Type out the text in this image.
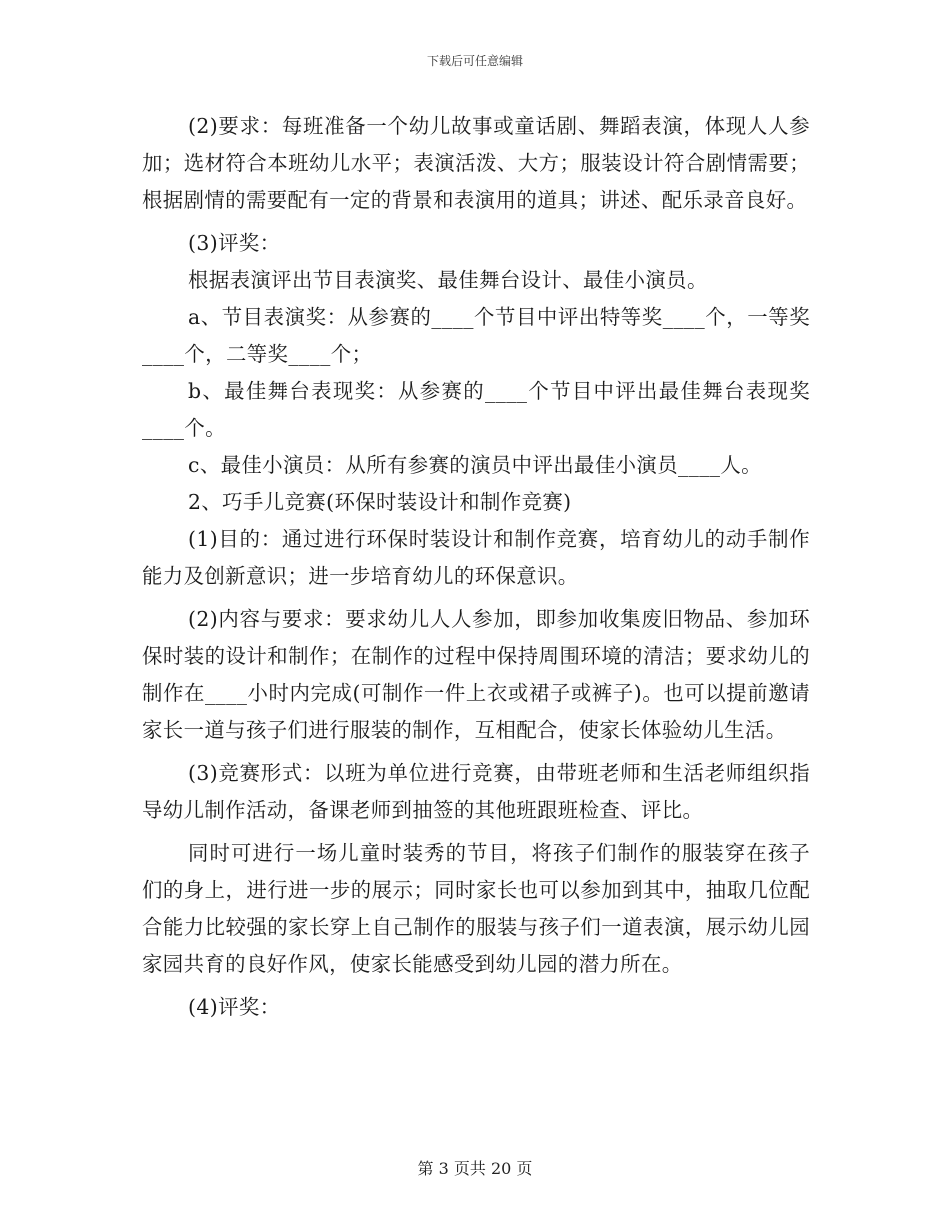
下载后可任意编辑

(2)要求：每班准备一个幼儿故事或童话剧、舞蹈表演，体现人人参加；选材符合本班幼儿水平；表演活泼、大方；服装设计符合剧情需要；根据剧情的需要配有一定的背景和表演用的道具；讲述、配乐录音良好。

(3)评奖：

根据表演评出节目表演奖、最佳舞台设计、最佳小演员。

a、节目表演奖：从参赛的____个节目中评出特等奖____个，一等奖____个，二等奖____个；

b、最佳舞台表现奖：从参赛的____个节目中评出最佳舞台表现奖____个。

c、最佳小演员：从所有参赛的演员中评出最佳小演员____人。

2、巧手儿竞赛(环保时装设计和制作竞赛)

(1)目的：通过进行环保时装设计和制作竞赛，培育幼儿的动手制作能力及创新意识；进一步培育幼儿的环保意识。

(2)内容与要求：要求幼儿人人参加，即参加收集废旧物品、参加环保时装的设计和制作；在制作的过程中保持周围环境的清洁；要求幼儿的制作在____小时内完成(可制作一件上衣或裙子或裤子)。也可以提前邀请家长一道与孩子们进行服装的制作，互相配合，使家长体验幼儿生活。

(3)竞赛形式：以班为单位进行竞赛，由带班老师和生活老师组织指导幼儿制作活动，备课老师到抽签的其他班跟班检查、评比。

同时可进行一场儿童时装秀的节目，将孩子们制作的服装穿在孩子们的身上，进行进一步的展示；同时家长也可以参加到其中，抽取几位配合能力比较强的家长穿上自己制作的服装与孩子们一道表演，展示幼儿园家园共育的良好作风，使家长能感受到幼儿园的潜力所在。

(4)评奖：

第 3 页共 20 页
